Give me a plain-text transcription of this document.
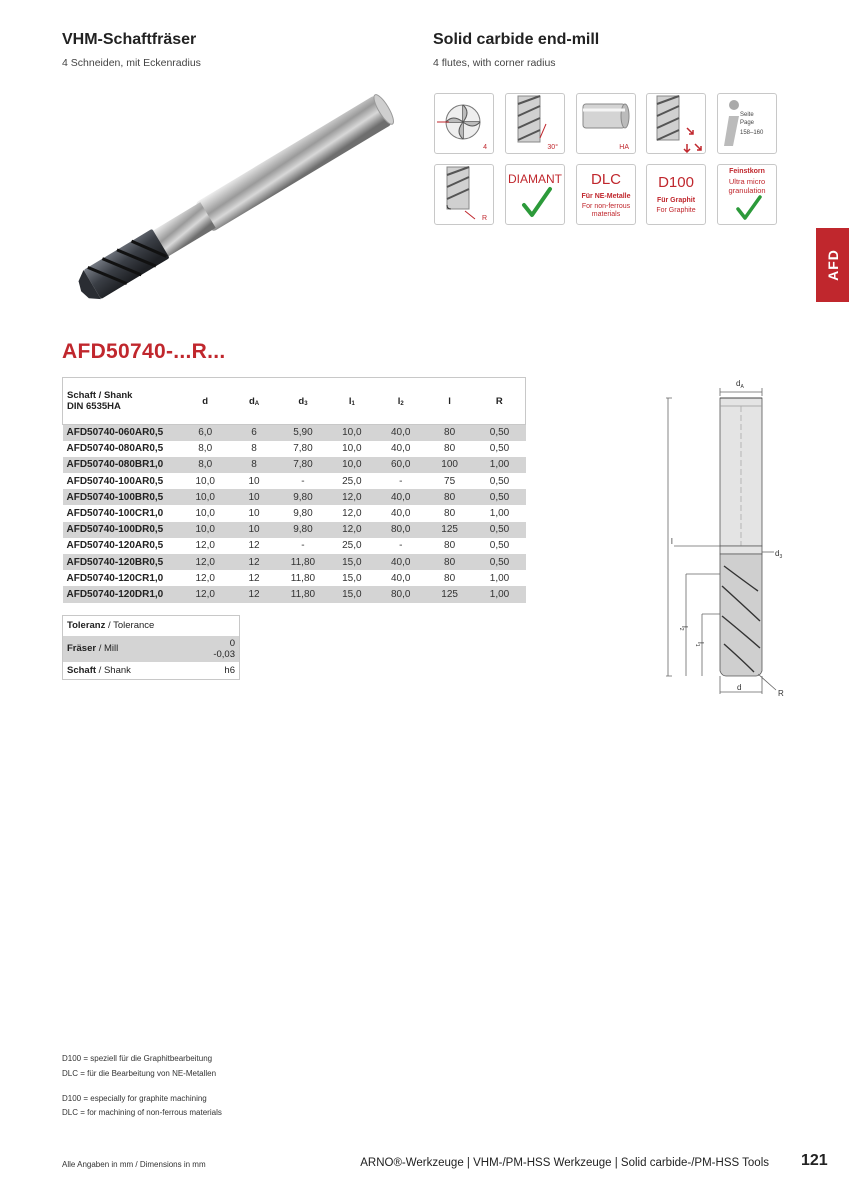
VHM-Schaftfräser
4 Schneiden, mit Eckenradius
Solid carbide end-mill
4 flutes, with corner radius
4	30°	HA
Seite
Page
158–160
R
DIAMANT	DLC
Für NE-Metalle
For non-ferrous
materials
D100
Für Graphit
For Graphite
Feinstkorn
Ultra micro
granulation
AFD
AFD50740-...R...
Schaft / Shank
DIN 6535HA	d	$d_A$	$d_3$	$l_1$	$l_2$	l	R
AFD50740-060AR0,5	6,0	6	5,90	10,0	40,0	80	0,50
AFD50740-080AR0,5	8,0	8	7,80	10,0	40,0	80	0,50
AFD50740-080BR1,0	8,0	8	7,80	10,0	60,0	100	1,00
AFD50740-100AR0,5	10,0	10	-	25,0	-	75	0,50
AFD50740-100BR0,5	10,0	10	9,80	12,0	40,0	80	0,50
AFD50740-100CR1,0	10,0	10	9,80	12,0	40,0	80	1,00
AFD50740-100DR0,5	10,0	10	9,80	12,0	80,0	125	0,50
AFD50740-120AR0,5	12,0	12	-	25,0	-	80	0,50
AFD50740-120BR0,5	12,0	12	11,80	15,0	40,0	80	0,50
AFD50740-120CR1,0	12,0	12	11,80	15,0	40,0	80	1,00
AFD50740-120DR1,0	12,0	12	11,80	15,0	80,0	125	1,00
Toleranz / Tolerance	
Fräser / Mill	0
-0,03
Schaft / Shank	h6
$d_A$
$d_3$
l
$l_2$
$l_1$
d
R
D100 = speziell für die Graphitbearbeitung
DLC = für die Bearbeitung von NE-Metallen
D100 = especially for graphite machining
DLC = for machining of non-ferrous materials
Alle Angaben in mm / Dimensions in mm	ARNO®-Werkzeuge | VHM-/PM-HSS Werkzeuge | Solid carbide-/PM-HSS Tools 121
